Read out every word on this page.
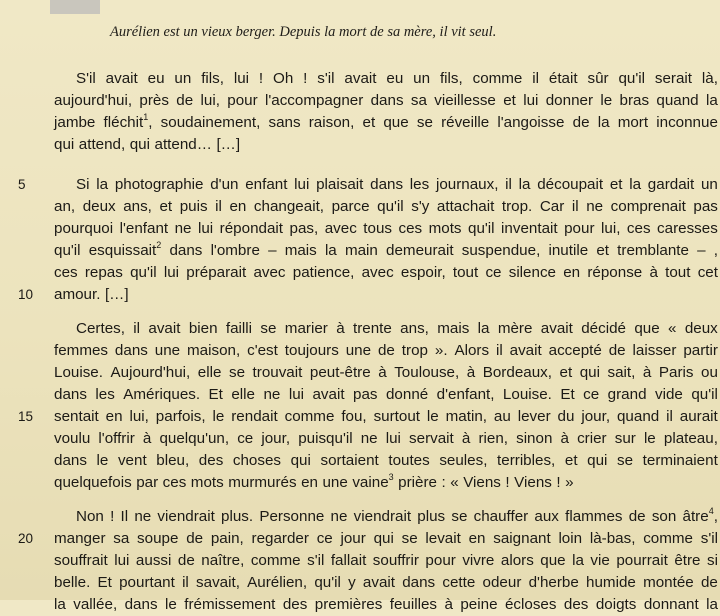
Aurélien est un vieux berger. Depuis la mort de sa mère, il vit seul.
S'il avait eu un fils, lui ! Oh ! s'il avait eu un fils, comme il était sûr qu'il serait là,
aujourd'hui, près de lui, pour l'accompagner dans sa vieillesse et lui donner le bras quand la
jambe fléchit$^1$, soudainement, sans raison, et que se réveille l'angoisse de la mort inconnue
qui attend, qui attend… […]
Si la photographie d'un enfant lui plaisait dans les journaux, il la découpait et la gardait un
an, deux ans, et puis il en changeait, parce qu'il s'y attachait trop. Car il ne comprenait pas
pourquoi l'enfant ne lui répondait pas, avec tous ces mots qu'il inventait pour lui, ces caresses
qu'il esquissait$^2$ dans l'ombre – mais la main demeurait suspendue, inutile et tremblante – ,
ces repas qu'il lui préparait avec patience, avec espoir, tout ce silence en réponse à tout cet
amour. […]
Certes, il avait bien failli se marier à trente ans, mais la mère avait décidé que « deux
femmes dans une maison, c'est toujours une de trop ». Alors il avait accepté de laisser partir
Louise. Aujourd'hui, elle se trouvait peut-être à Toulouse, à Bordeaux, et qui sait, à Paris ou
dans les Amériques. Et elle ne lui avait pas donné d'enfant, Louise. Et ce grand vide qu'il
sentait en lui, parfois, le rendait comme fou, surtout le matin, au lever du jour, quand il aurait
voulu l'offrir à quelqu'un, ce jour, puisqu'il ne lui servait à rien, sinon à crier sur le plateau,
dans le vent bleu, des choses qui sortaient toutes seules, terribles, et qui se terminaient
quelquefois par ces mots murmurés en une vaine$^3$ prière : « Viens ! Viens ! »
Non ! Il ne viendrait plus. Personne ne viendrait plus se chauffer aux flammes de son âtre$^4$,
manger sa soupe de pain, regarder ce jour qui se levait en saignant loin là-bas, comme s'il
souffrait lui aussi de naître, comme s'il fallait souffrir pour vivre alors que la vie pourrait être si
belle. Et pourtant il savait, Aurélien, qu'il y avait dans cette odeur d'herbe humide montée de
la vallée, dans le frémissement des premières feuilles à peine écloses des doigts donnant la
5
10
15
20
